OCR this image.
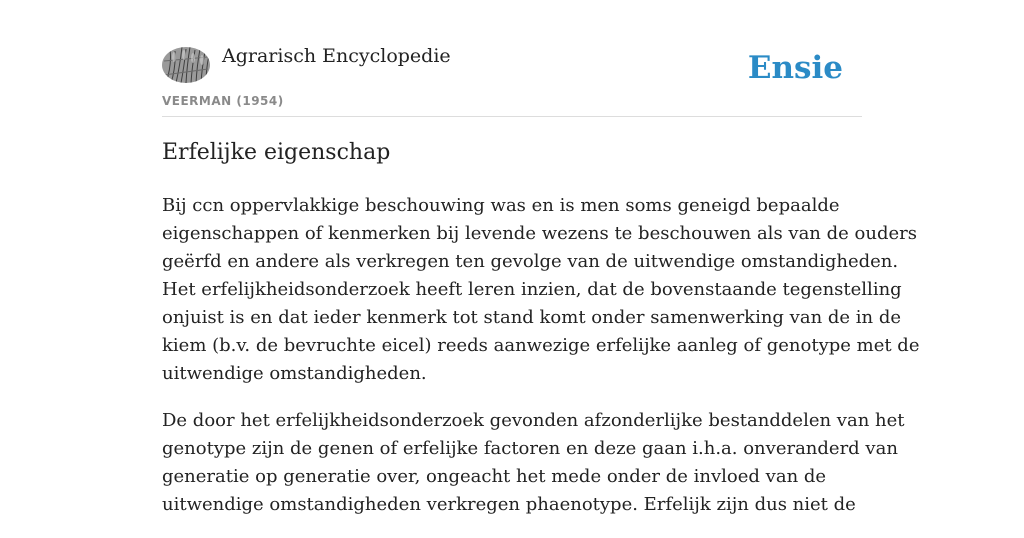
Agrarisch Encyclopedie
VEERMAN (1954)
Ensie
Erfelijke eigenschap

Bij ccn oppervlakkige beschouwing was en is men soms geneigd bepaalde
eigenschappen of kenmerken bij levende wezens te beschouwen als van de ouders
geërfd en andere als verkregen ten gevolge van de uitwendige omstandigheden.
Het erfelijkheidsonderzoek heeft leren inzien, dat de bovenstaande tegenstelling
onjuist is en dat ieder kenmerk tot stand komt onder samenwerking van de in de
kiem (b.v. de bevruchte eicel) reeds aanwezige erfelijke aanleg of genotype met de
uitwendige omstandigheden.

De door het erfelijkheidsonderzoek gevonden afzonderlijke bestanddelen van het
genotype zijn de genen of erfelijke factoren en deze gaan i.h.a. onveranderd van
generatie op generatie over, ongeacht het mede onder de invloed van de
uitwendige omstandigheden verkregen phaenotype. Erfelijk zijn dus niet de
